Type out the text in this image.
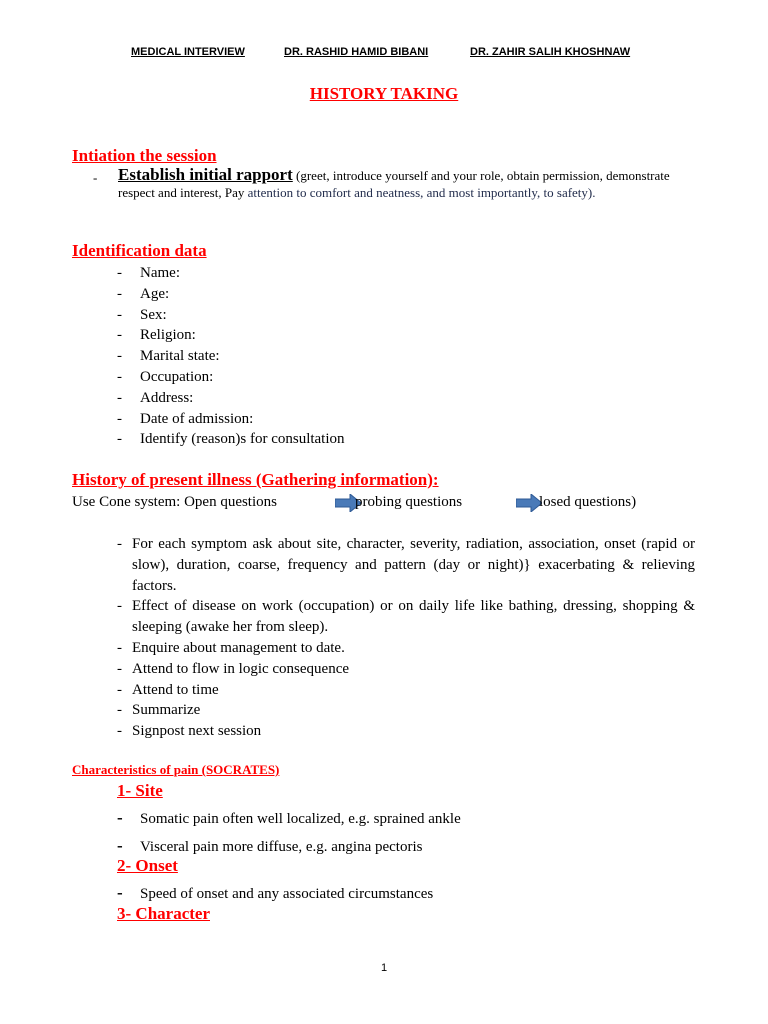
MEDICAL INTERVIEW	DR. RASHID HAMID BIBANI	DR. ZAHIR SALIH KHOSHNAW
HISTORY TAKING
Intiation the session
- Establish initial rapport (greet, introduce yourself and your role, obtain permission, demonstrate respect and interest, Pay attention to comfort and neatness, and most importantly, to safety).
Identification data
- Name:
- Age:
- Sex:
- Religion:
- Marital state:
- Occupation:
- Address:
- Date of admission:
- Identify (reason)s for consultation
History of present illness (Gathering information):
Use Cone system: Open questions	probing questions	losed questions)
- For each symptom ask about site, character, severity, radiation, association, onset (rapid or slow), duration, coarse, frequency and pattern (day or night)} exacerbating & relieving factors.
- Effect of disease on work (occupation) or on daily life like bathing, dressing, shopping & sleeping (awake her from sleep).
- Enquire about management to date.
- Attend to flow in logic consequence
- Attend to time
- Summarize
- Signpost next session
Characteristics of pain (SOCRATES)
1- Site
- Somatic pain often well localized, e.g. sprained ankle
- Visceral pain more diffuse, e.g. angina pectoris
2- Onset
- Speed of onset and any associated circumstances
3- Character
1
